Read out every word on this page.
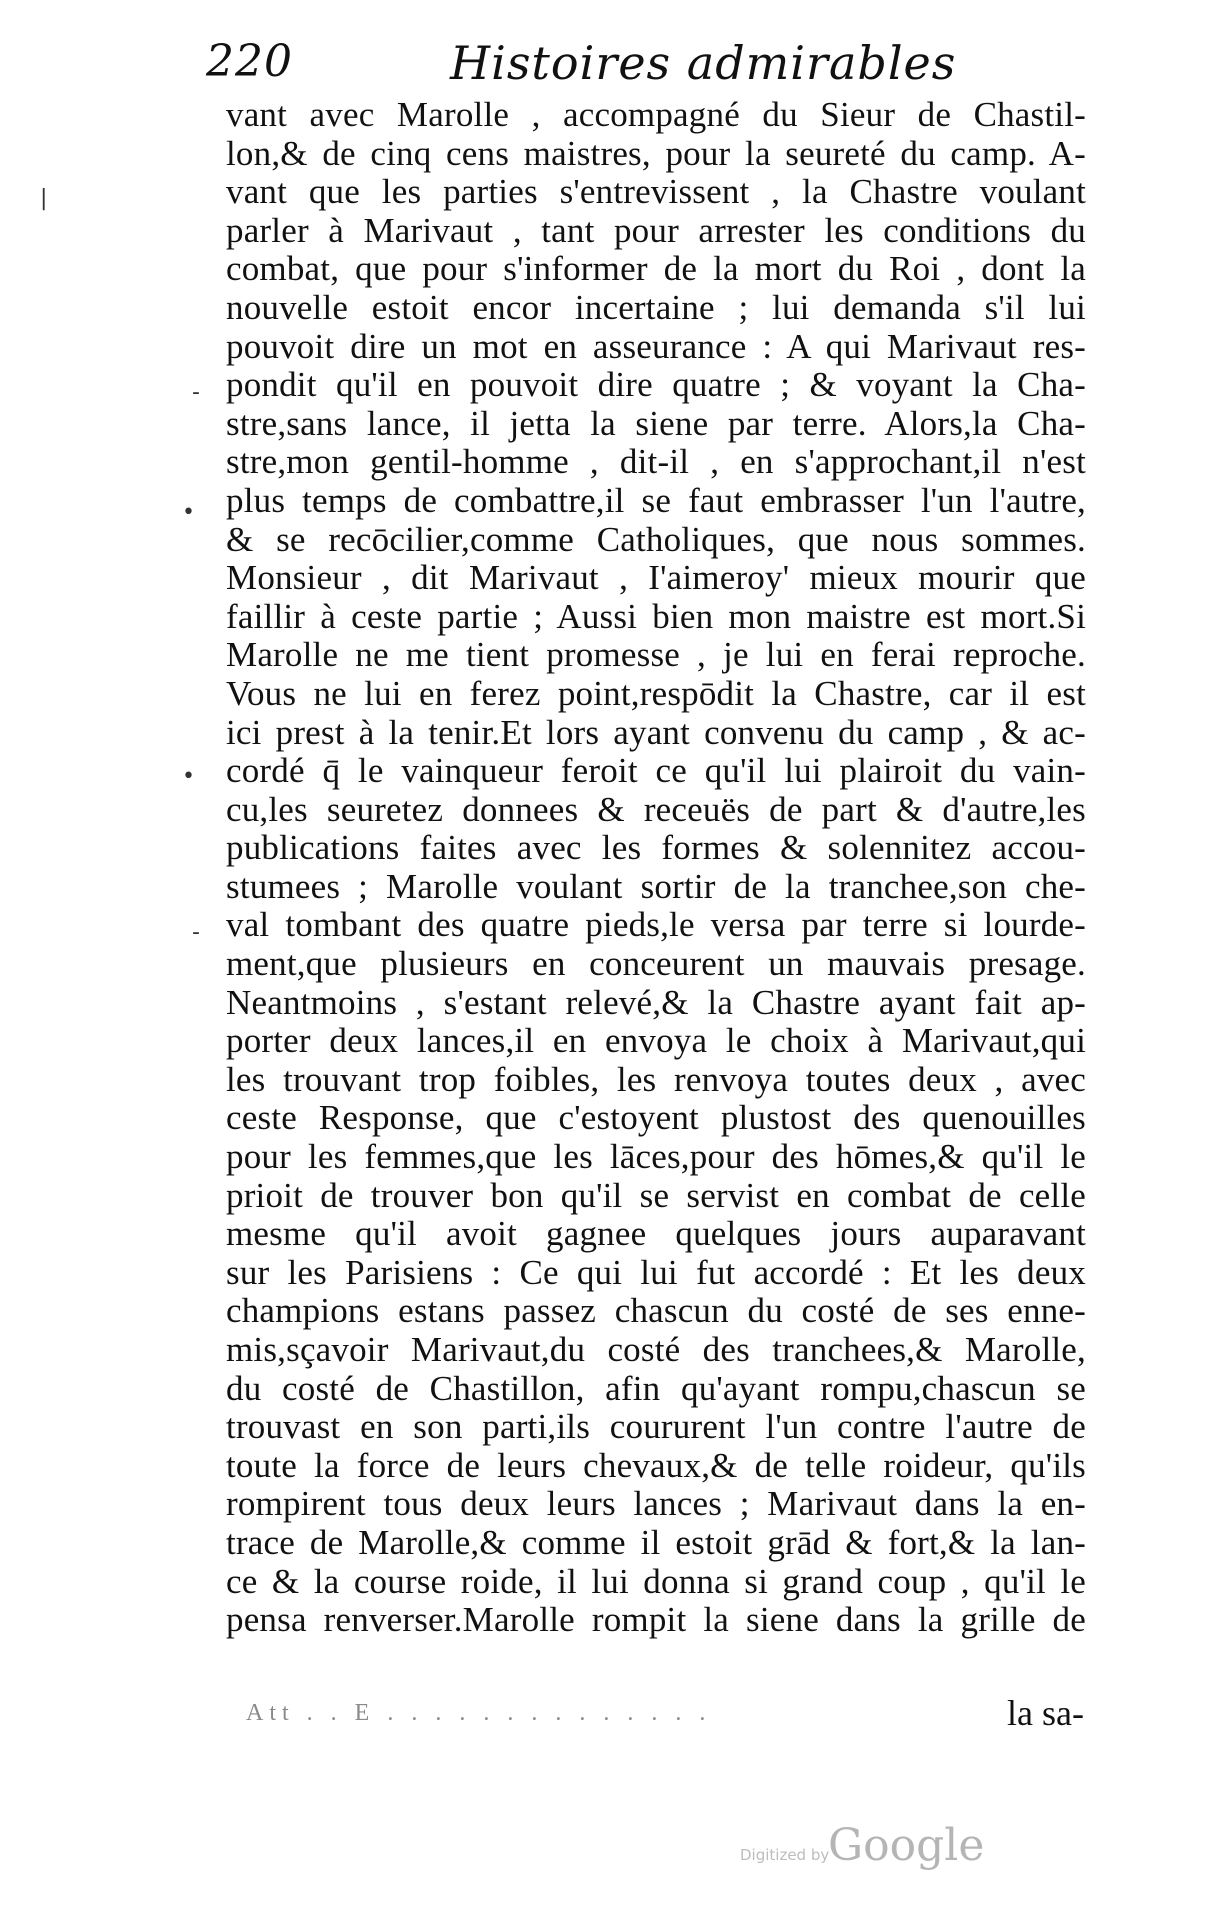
220	Histoires admirables
|
-
•
•
-
vant avec Marolle , accompagné du Sieur de Chastil-
lon,& de cinq cens maistres, pour la seureté du camp. A-
vant que les parties s'entrevissent , la Chastre voulant
parler à Marivaut , tant pour arrester les conditions du
combat, que pour s'informer de la mort du Roi , dont la
nouvelle estoit encor incertaine ; lui demanda s'il lui
pouvoit dire un mot en asseurance : A qui Marivaut res-
pondit qu'il en pouvoit dire quatre ; & voyant la Cha-
stre,sans lance, il jetta la siene par terre. Alors,la Cha-
stre,mon gentil-homme , dit-il , en s'approchant,il n'est
plus temps de combattre,il se faut embrasser l'un l'autre,
& se recōcilier,comme Catholiques, que nous sommes.
Monsieur , dit Marivaut , I'aimeroy' mieux mourir que
faillir à ceste partie ; Aussi bien mon maistre est mort.Si
Marolle ne me tient promesse , je lui en ferai reproche.
Vous ne lui en ferez point,respōdit la Chastre, car il est
ici prest à la tenir.Et lors ayant convenu du camp , & ac-
cordé q̄ le vainqueur feroit ce qu'il lui plairoit du vain-
cu,les seuretez donnees & receuës de part & d'autre,les
publications faites avec les formes & solennitez accou-
stumees ; Marolle voulant sortir de la tranchee,son che-
val tombant des quatre pieds,le versa par terre si lourde-
ment,que plusieurs en conceurent un mauvais presage.
Neantmoins , s'estant relevé,& la Chastre ayant fait ap-
porter deux lances,il en envoya le choix à Marivaut,qui
les trouvant trop foibles, les renvoya toutes deux , avec
ceste Response, que c'estoyent plustost des quenouilles
pour les femmes,que les lāces,pour des hōmes,& qu'il le
prioit de trouver bon qu'il se servist en combat de celle
mesme qu'il avoit gagnee quelques jours auparavant
sur les Parisiens : Ce qui lui fut accordé : Et les deux
champions estans passez chascun du costé de ses enne-
mis,sçavoir Marivaut,du costé des tranchees,& Marolle,
du costé de Chastillon, afin qu'ayant rompu,chascun se
trouvast en son parti,ils coururent l'un contre l'autre de
toute la force de leurs chevaux,& de telle roideur, qu'ils
rompirent tous deux leurs lances ; Marivaut dans la en-
trace de Marolle,& comme il estoit grād & fort,& la lan-
ce & la course roide, il lui donna si grand coup , qu'il le
pensa renverser.Marolle rompit la siene dans la grille de
Att . . E . . . . . . . . . . . . . .	la sa-
Digitized by
Google
